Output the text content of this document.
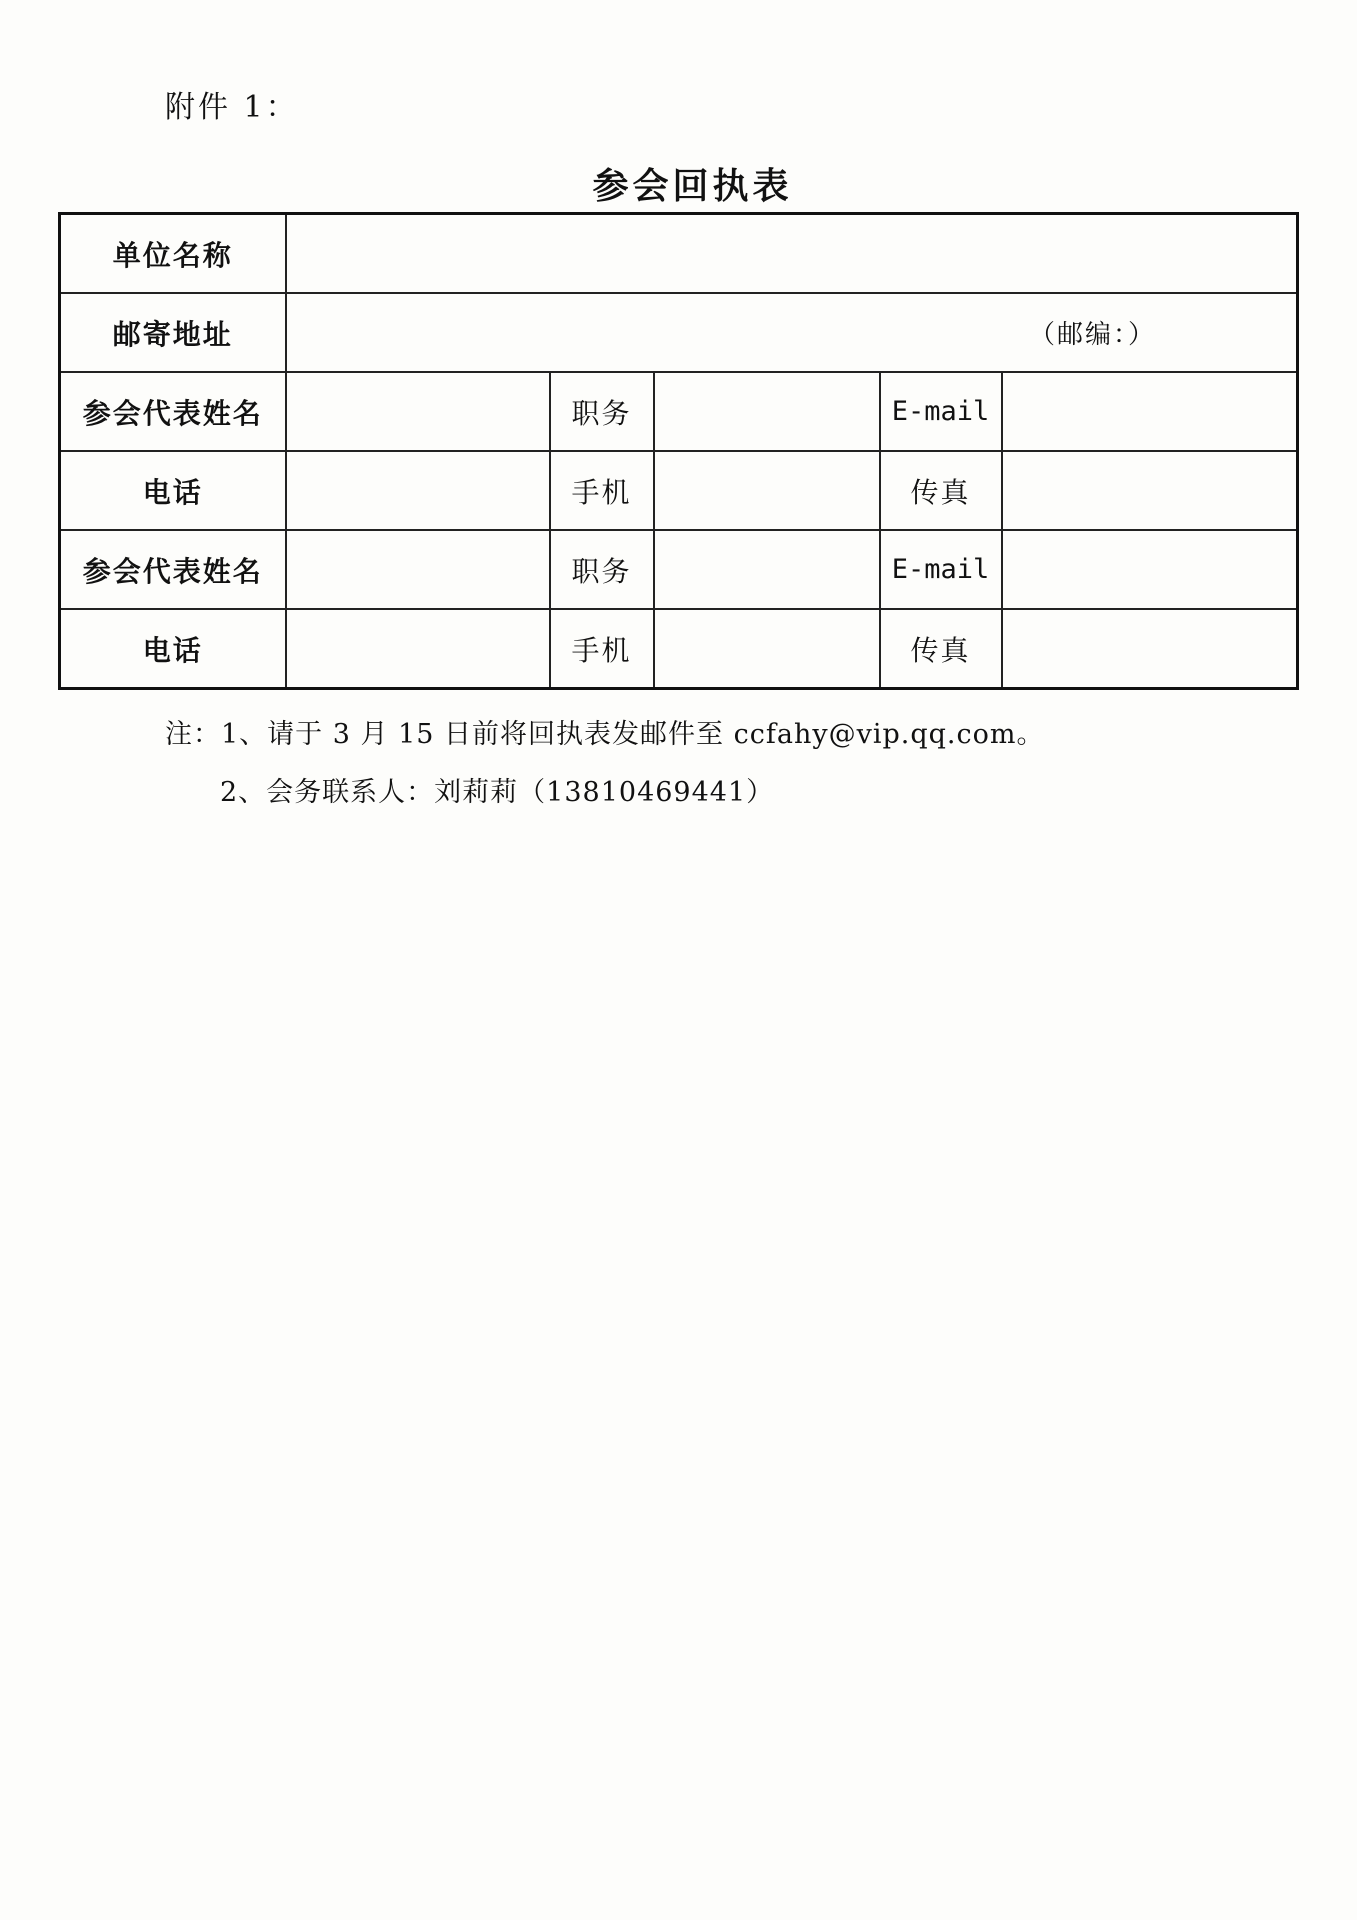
附件 1：
参会回执表
单位名称					
邮寄地址	（邮编：）				

参会代表姓名		职务		E-mail	
电话		手机		传真	
参会代表姓名		职务		E-mail	
电话		手机		传真	
注：1、请于 3 月 15 日前将回执表发邮件至 ccfahy@vip.qq.com。
2、会务联系人：刘莉莉（13810469441）
